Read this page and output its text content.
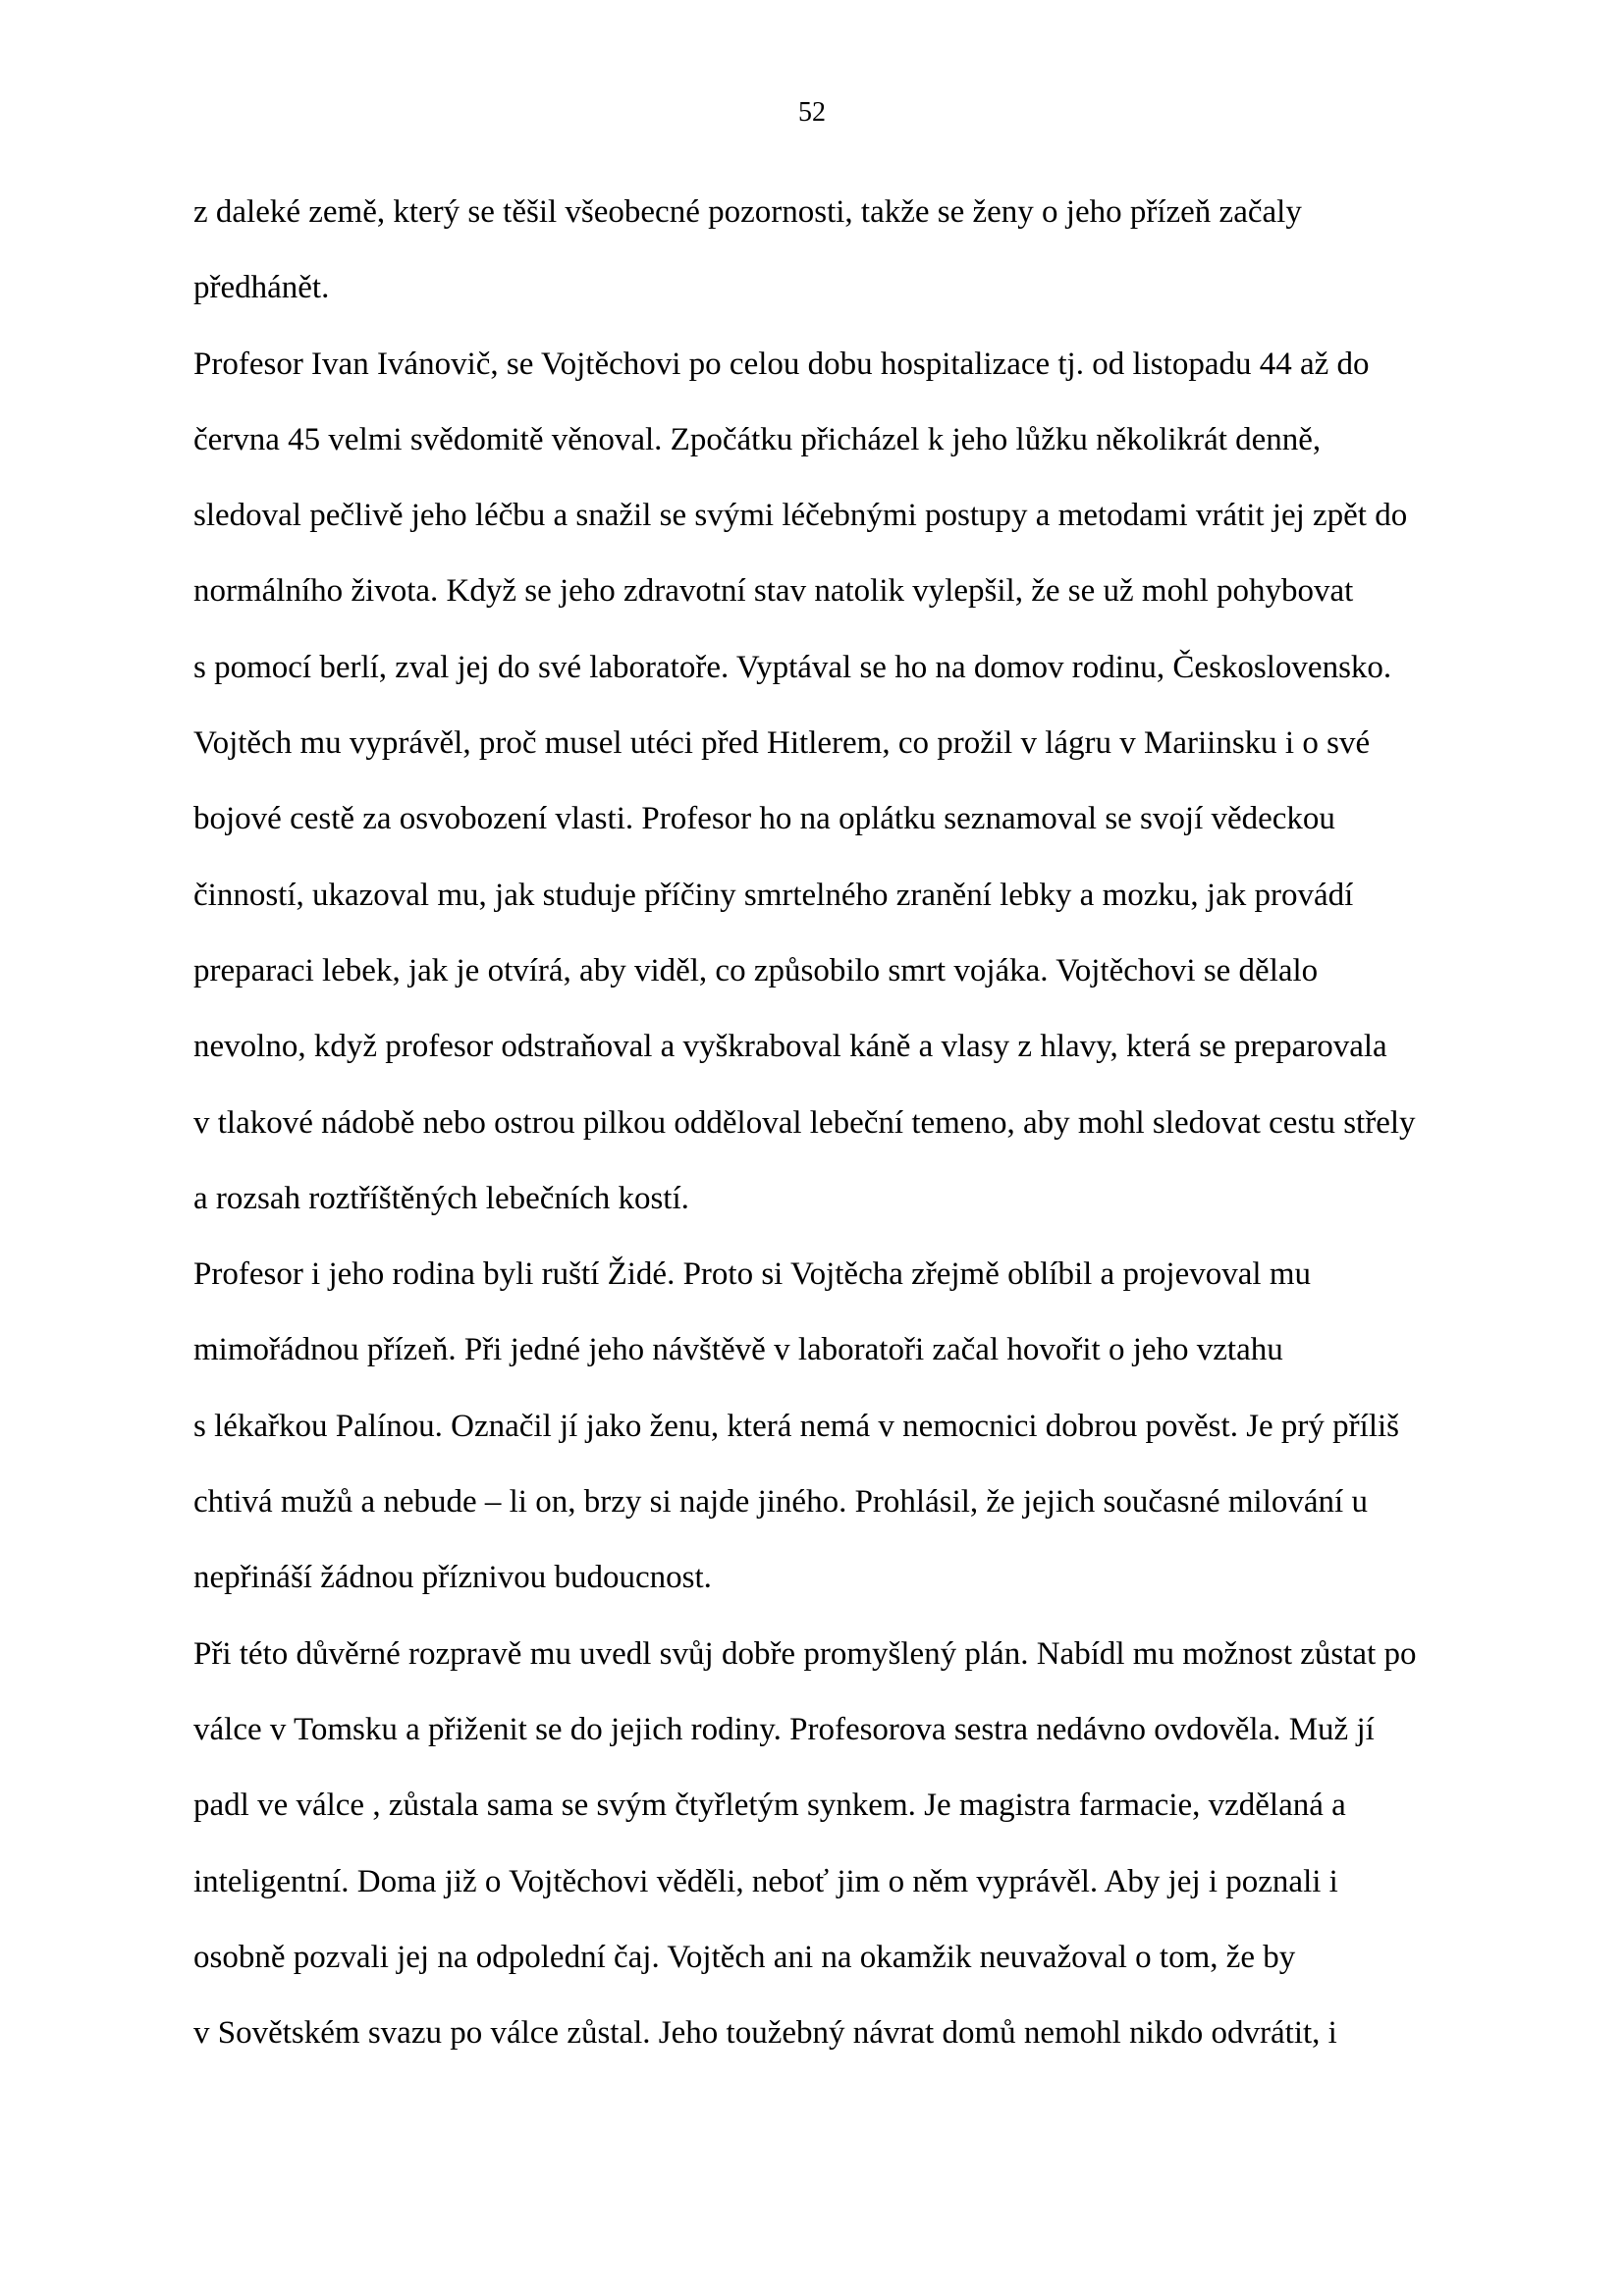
52
z daleké země, který se těšil všeobecné pozornosti, takže se ženy o jeho přízeň začaly
předhánět.
Profesor Ivan Ivánovič, se Vojtěchovi po celou dobu hospitalizace tj. od listopadu 44 až do
června 45 velmi svědomitě věnoval. Zpočátku přicházel k jeho lůžku několikrát denně,
sledoval pečlivě jeho léčbu a snažil se svými léčebnými postupy a metodami vrátit jej zpět do
normálního života. Když se jeho zdravotní stav natolik vylepšil, že se už mohl pohybovat
s pomocí berlí, zval jej do své laboratoře. Vyptával se ho na domov rodinu, Československo.
Vojtěch mu vyprávěl, proč musel utéci před Hitlerem, co prožil v lágru v Mariinsku i o své
bojové cestě za osvobození vlasti. Profesor ho na oplátku seznamoval se svojí vědeckou
činností, ukazoval mu, jak studuje příčiny smrtelného zranění lebky a mozku, jak provádí
preparaci lebek, jak je otvírá, aby viděl, co způsobilo smrt vojáka. Vojtěchovi se dělalo
nevolno, když profesor odstraňoval a vyškraboval káně a vlasy z hlavy, která se preparovala
v tlakové nádobě nebo ostrou pilkou odděloval lebeční temeno, aby mohl sledovat cestu střely
a rozsah roztříštěných lebečních kostí.
Profesor i jeho rodina byli ruští Židé. Proto si Vojtěcha zřejmě oblíbil a projevoval mu
mimořádnou přízeň. Při jedné jeho návštěvě v laboratoři začal hovořit o jeho vztahu
s lékařkou Palínou. Označil jí jako ženu, která nemá v nemocnici dobrou pověst. Je prý příliš
chtivá mužů a nebude – li on, brzy si najde jiného. Prohlásil, že jejich současné milování u
nepřináší žádnou příznivou budoucnost.
Při této důvěrné rozpravě mu uvedl svůj dobře promyšlený plán. Nabídl mu možnost zůstat po
válce v Tomsku a přiženit se do jejich rodiny. Profesorova sestra nedávno ovdověla. Muž jí
padl ve válce , zůstala sama se svým čtyřletým synkem. Je magistra farmacie, vzdělaná a
inteligentní. Doma již o Vojtěchovi věděli, neboť jim o něm vyprávěl. Aby jej i poznali i
osobně pozvali jej na odpolední čaj. Vojtěch ani na okamžik neuvažoval o tom, že by
v Sovětském svazu po válce zůstal. Jeho toužebný návrat domů nemohl nikdo odvrátit, i
